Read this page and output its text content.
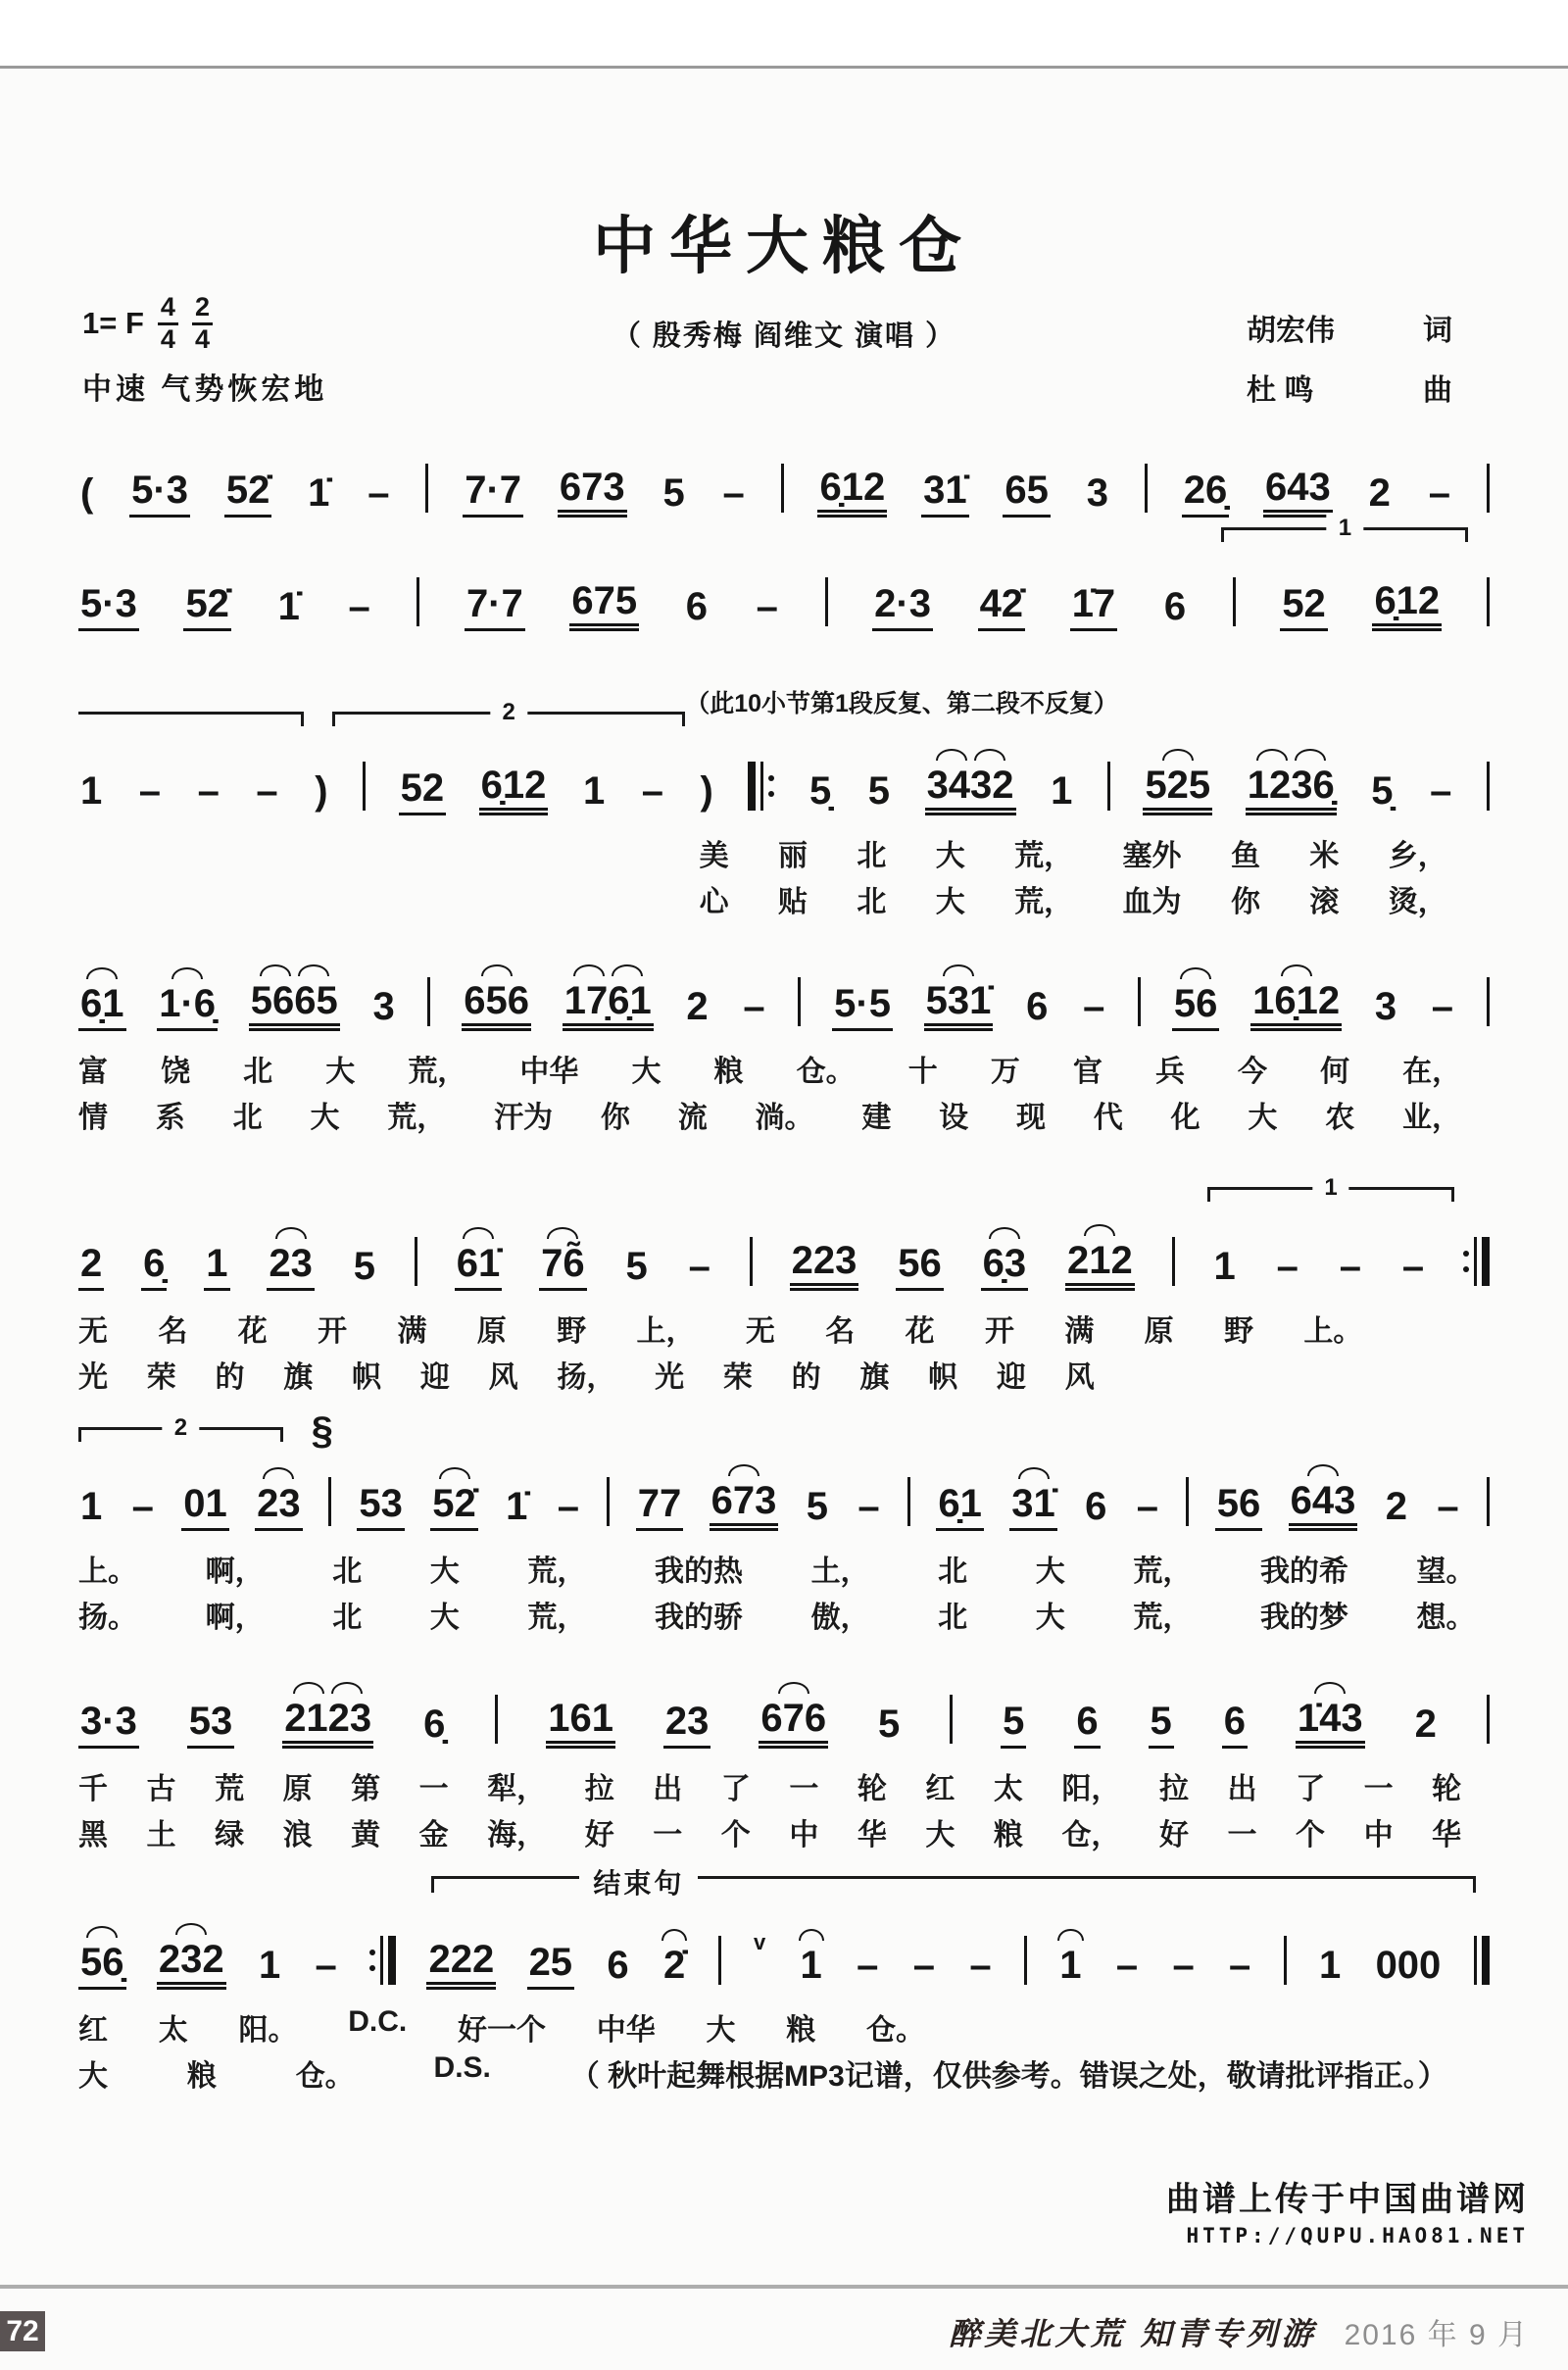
中华大粮仓
1= F $\frac{4}{4} \frac{2}{4}$	（ 殷秀梅 阎维文 演唱 ）	胡宏伟	词
杜 鸣	曲
中速 气势恢宏地
( 5·3 52̇ 1̇ – 7·7 673 5 – 6̣12 31̇ 65 3 26̣ 643 2 –
1
5·3 52̇ 1̇ – 7·7 675 6 – 2·3 42̇ 1̇7 6 52 6̣12
2	（此10小节第1段反复、第二段不反复）
1 – – – ) 52 6̣12 1 – ) 5̣ 5 3432 1 525 1236̣ 5̣ –
美 丽 北 大 荒， 塞外 鱼 米 乡，
心 贴 北 大 荒， 血为 你 滚 烫，
6̣1 1·6̣ 5665 3 656 17̣6̣1 2 – 5·5 531̇ 6 – 56 16̣12 3 –
富 饶 北 大 荒， 中华 大 粮 仓。 十 万 官 兵 今 何 在，
情 系 北 大 荒， 汗为 你 流 淌。 建 设 现 代 化 大 农 业，
1
2 6̣ 1 23 5 61̇ 76̃ 5 – 223 56 6̣3 212 1 – – –
无 名 花 开 满 原 野 上， 无 名 花 开 满 原 野 上。
光 荣 的 旗 帜 迎 风 扬， 光 荣 的 旗 帜 迎 风
2	§
1 – 01 23 53 52̇ 1̇ – 77 673 5 – 6̣1 31̇ 6 – 56 643 2 –
上。 啊， 北 大 荒， 我的热 土， 北 大 荒， 我的希 望。
扬。 啊， 北 大 荒， 我的骄 傲， 北 大 荒， 我的梦 想。
3·3 53 2123 6̣	161 23 676 5	5 6 5 6 1̇43 2
千 古 荒 原 第 一 犁， 拉 出 了 一 轮 红 太 阳， 拉 出 了 一 轮
黑 土 绿 浪 黄 金 海， 好 一 个 中 华 大 粮 仓， 好 一 个 中 华
结束句
56̣ 232 1 – 222 25 6 2̇
v
1 – – – 1 – – – 1 000
红 太 阳。 D.C. 好一个 中华 大 粮 仓。
大	粮	仓。	D.S.	（ 秋叶起舞根据MP3记谱，仅供参考。错误之处，敬请批评指正。）
曲谱上传于中国曲谱网
HTTP://QUPU.HAO81.NET
72	醉美北大荒 知青专列游 2016 年 9 月
